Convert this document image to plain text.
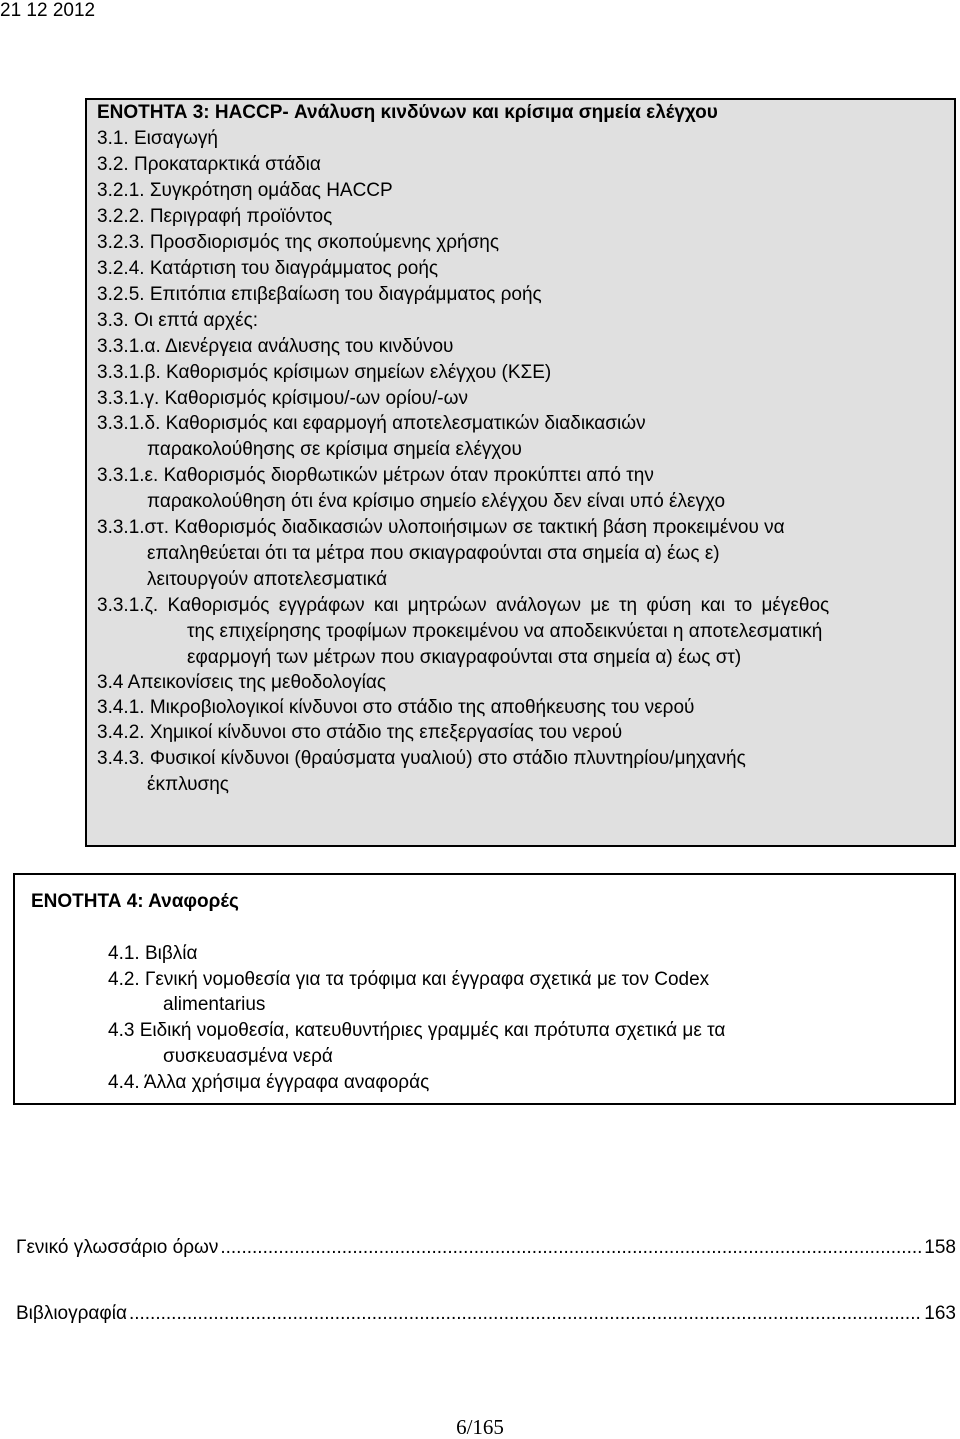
21 12 2012
ΕΝΟΤΗΤΑ 3: HACCP- Ανάλυση κινδύνων και κρίσιμα σημεία ελέγχου
3.1. Εισαγωγή
3.2. Προκαταρκτικά στάδια
3.2.1. Συγκρότηση ομάδας HACCP
3.2.2. Περιγραφή προϊόντος
3.2.3. Προσδιορισμός της σκοπούμενης χρήσης
3.2.4. Κατάρτιση του διαγράμματος ροής
3.2.5. Επιτόπια επιβεβαίωση του διαγράμματος ροής
3.3. Οι επτά αρχές:
3.3.1.α. Διενέργεια ανάλυσης του κινδύνου
3.3.1.β. Καθορισμός κρίσιμων σημείων ελέγχου (ΚΣΕ)
3.3.1.γ. Καθορισμός κρίσιμου/-ων ορίου/-ων
3.3.1.δ. Καθορισμός και εφαρμογή αποτελεσματικών διαδικασιών
παρακολούθησης σε κρίσιμα σημεία ελέγχου
3.3.1.ε. Καθορισμός διορθωτικών μέτρων όταν προκύπτει από την
παρακολούθηση ότι ένα κρίσιμο σημείο ελέγχου δεν είναι υπό έλεγχο
3.3.1.στ. Καθορισμός διαδικασιών υλοποιήσιμων σε τακτική βάση προκειμένου να
επαληθεύεται ότι τα μέτρα που σκιαγραφούνται στα σημεία α) έως ε)
λειτουργούν αποτελεσματικά
3.3.1.ζ. Καθορισμός εγγράφων και μητρώων ανάλογων με τη φύση και το μέγεθος
της επιχείρησης τροφίμων προκειμένου να αποδεικνύεται η αποτελεσματική
εφαρμογή των μέτρων που σκιαγραφούνται στα σημεία α) έως στ)
3.4 Απεικονίσεις της μεθοδολογίας
3.4.1. Μικροβιολογικοί κίνδυνοι στο στάδιο της αποθήκευσης του νερού
3.4.2. Χημικοί κίνδυνοι στο στάδιο της επεξεργασίας του νερού
3.4.3. Φυσικοί κίνδυνοι (θραύσματα γυαλιού) στο στάδιο πλυντηρίου/μηχανής
έκπλυσης
ΕΝΟΤΗΤΑ 4: Αναφορές
4.1. Βιβλία
4.2. Γενική νομοθεσία για τα τρόφιμα και έγγραφα σχετικά με τον Codex
alimentarius
4.3 Ειδική νομοθεσία, κατευθυντήριες γραμμές και πρότυπα σχετικά με τα
συσκευασμένα νερά
4.4. Άλλα χρήσιμα έγγραφα αναφοράς
Γενικό γλωσσάριο όρων .....	158
Βιβλιογραφία .....	163
6/165
